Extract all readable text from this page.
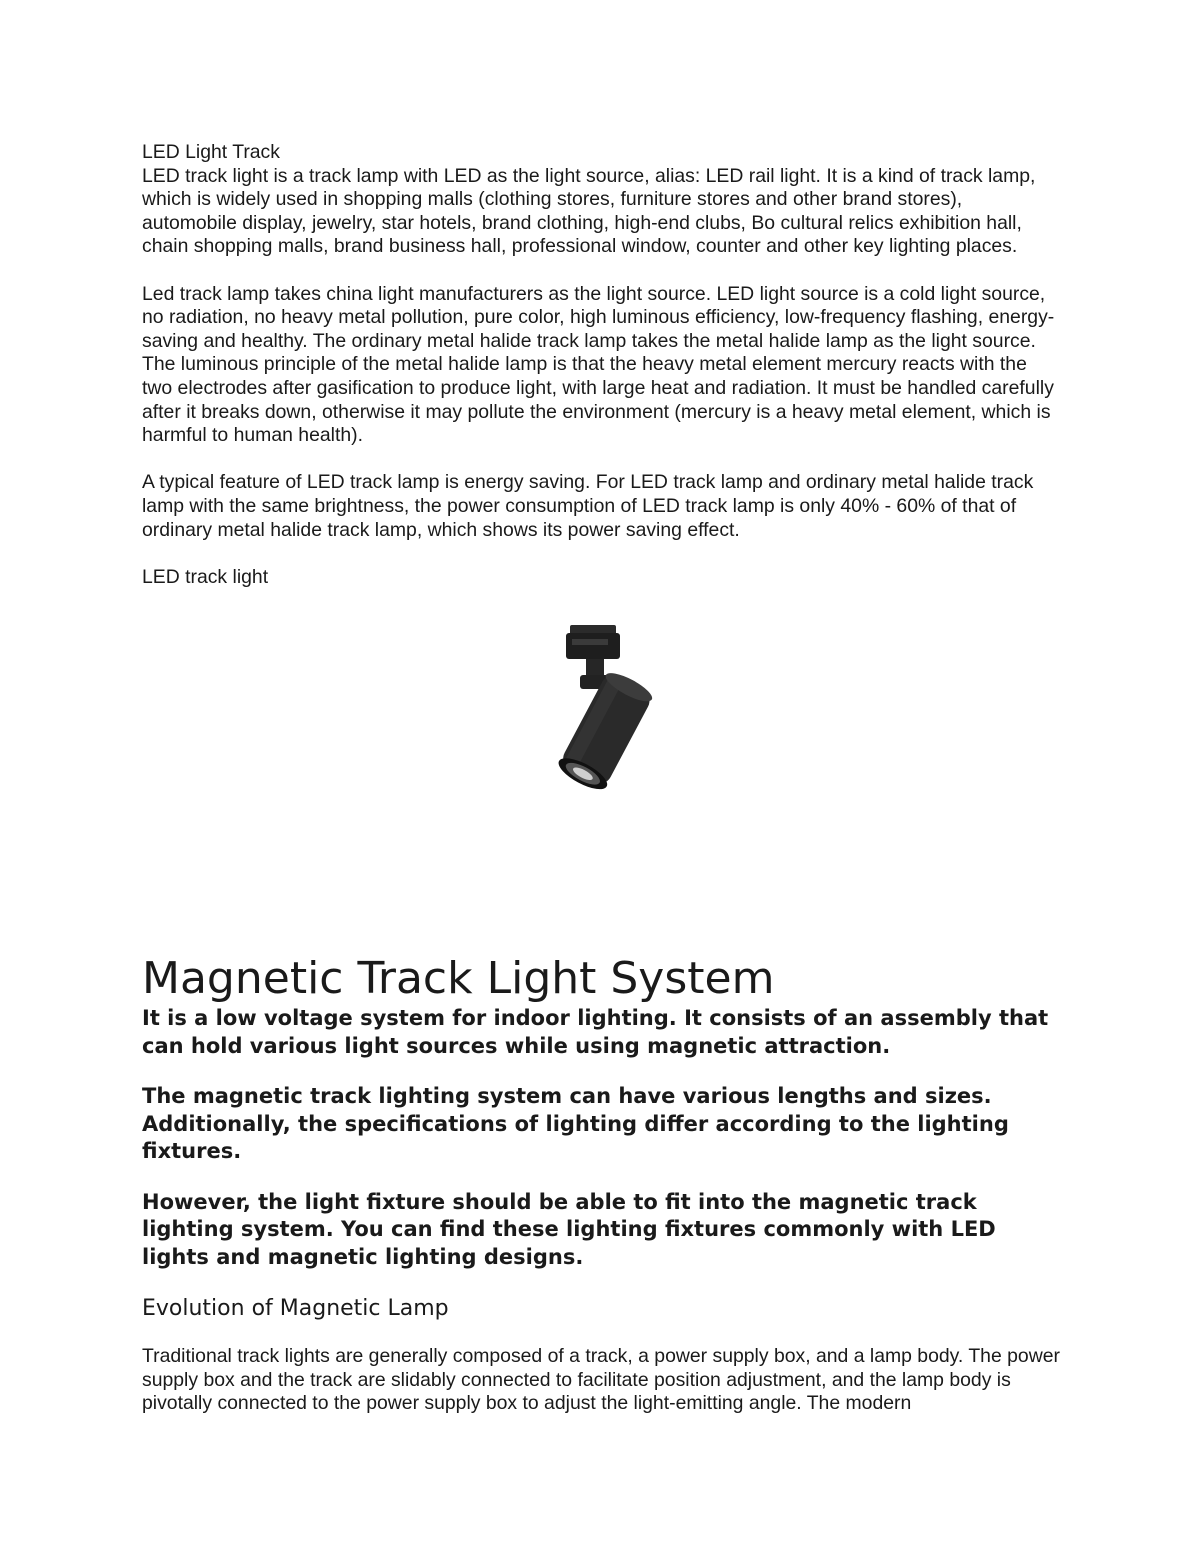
LED Light Track

LED track light is a track lamp with LED as the light source, alias: LED rail light. It is a kind of track lamp, which is widely used in shopping malls (clothing stores, furniture stores and other brand stores), automobile display, jewelry, star hotels, brand clothing, high-end clubs, Bo cultural relics exhibition hall, chain shopping malls, brand business hall, professional window, counter and other key lighting places.

Led track lamp takes china light manufacturers as the light source. LED light source is a cold light source, no radiation, no heavy metal pollution, pure color, high luminous efficiency, low-frequency flashing, energy-saving and healthy. The ordinary metal halide track lamp takes the metal halide lamp as the light source. The luminous principle of the metal halide lamp is that the heavy metal element mercury reacts with the two electrodes after gasification to produce light, with large heat and radiation. It must be handled carefully after it breaks down, otherwise it may pollute the environment (mercury is a heavy metal element, which is harmful to human health).

A typical feature of LED track lamp is energy saving. For LED track lamp and ordinary metal halide track lamp with the same brightness, the power consumption of LED track lamp is only 40% - 60% of that of ordinary metal halide track lamp, which shows its power saving effect.

LED track light

Magnetic Track Light System

It is a low voltage system for indoor lighting. It consists of an assembly that can hold various light sources while using magnetic attraction.

The magnetic track lighting system can have various lengths and sizes. Additionally, the specifications of lighting differ according to the lighting fixtures.

However, the light fixture should be able to fit into the magnetic track lighting system. You can find these lighting fixtures commonly with LED lights and magnetic lighting designs.

Evolution of Magnetic Lamp

Traditional track lights are generally composed of a track, a power supply box, and a lamp body. The power supply box and the track are slidably connected to facilitate position adjustment, and the lamp body is pivotally connected to the power supply box to adjust the light-emitting angle. The modern
